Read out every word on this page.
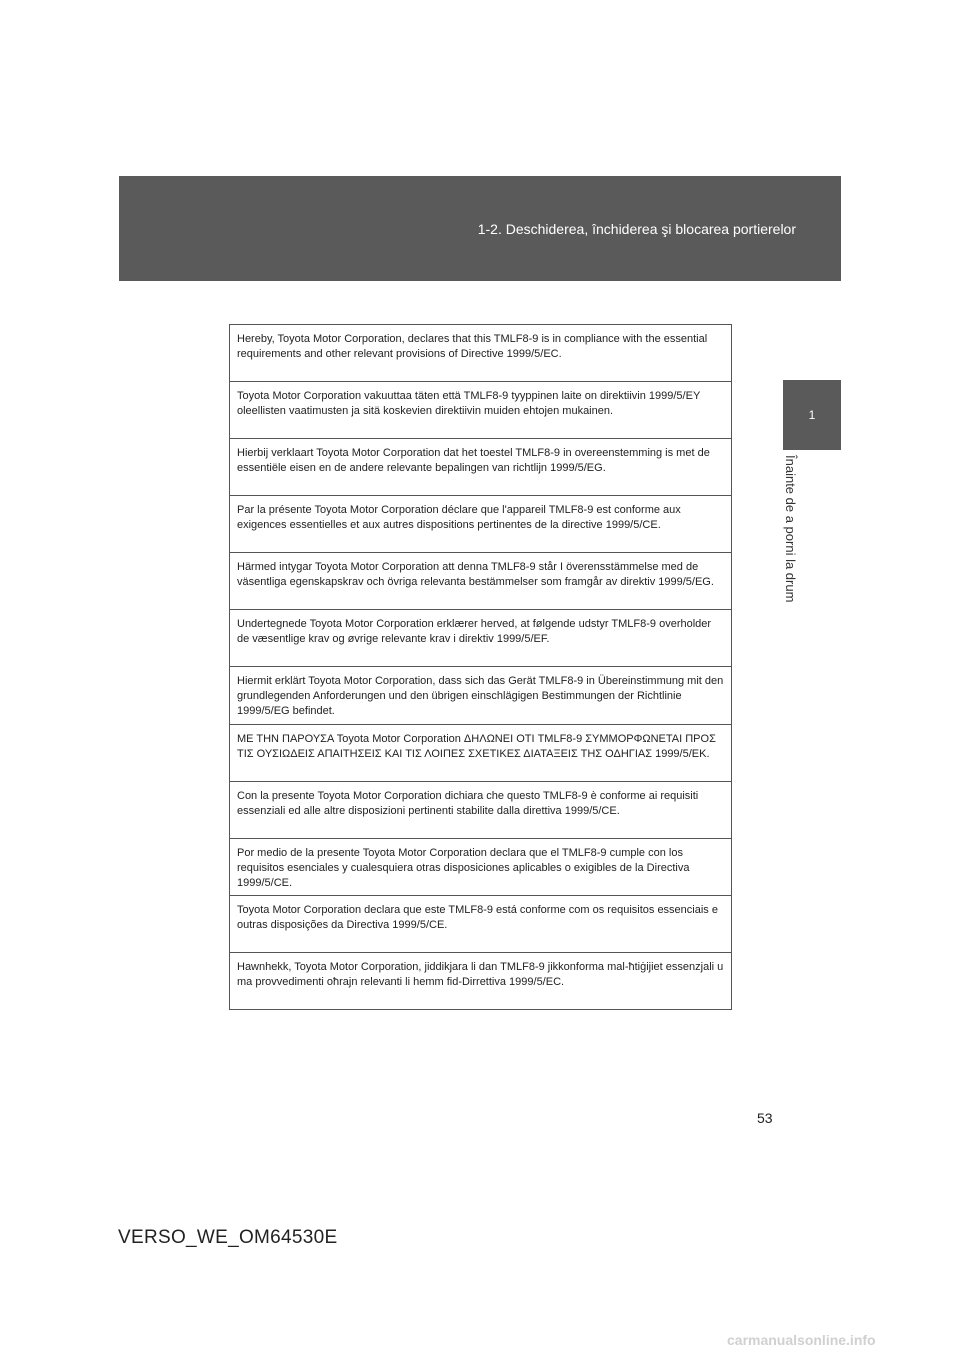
1-2. Deschiderea, închiderea şi blocarea portierelor
1
Înainte de a porni la drum
Hereby, Toyota Motor Corporation, declares that this TMLF8-9 is in compliance with the essential requirements and other relevant provisions of Directive 1999/5/EC.
Toyota Motor Corporation vakuuttaa täten että TMLF8-9 tyyppinen laite on direktiivin 1999/5/EY oleellisten vaatimusten ja sitä koskevien direktiivin muiden ehtojen mukainen.
Hierbij verklaart Toyota Motor Corporation dat het toestel TMLF8-9 in overeenstemming is met de essentiële eisen en de andere relevante bepalingen van richtlijn 1999/5/EG.
Par la présente Toyota Motor Corporation déclare que l'appareil TMLF8-9 est conforme aux exigences essentielles et aux autres dispositions pertinentes de la directive 1999/5/CE.
Härmed intygar Toyota Motor Corporation att denna TMLF8-9 står I överensstämmelse med de väsentliga egenskapskrav och övriga relevanta bestämmelser som framgår av direktiv 1999/5/EG.
Undertegnede Toyota Motor Corporation erklærer herved, at følgende udstyr TMLF8-9 overholder de væsentlige krav og øvrige relevante krav i direktiv 1999/5/EF.
Hiermit erklärt Toyota Motor Corporation, dass sich das Gerät TMLF8-9 in Übereinstimmung mit den grundlegenden Anforderungen und den übrigen einschlägigen Bestimmungen der Richtlinie 1999/5/EG befindet.
ΜΕ ΤΗΝ ΠΑΡΟΥΣΑ Toyota Motor Corporation ΔΗΛΩΝΕΙ ΟΤΙ TMLF8-9 ΣΥΜΜΟΡΦΩΝΕΤΑΙ ΠΡΟΣ ΤΙΣ ΟΥΣΙΩΔΕΙΣ ΑΠΑΙΤΗΣΕΙΣ ΚΑΙ ΤΙΣ ΛΟΙΠΕΣ ΣΧΕΤΙΚΕΣ ΔΙΑΤΑΞΕΙΣ ΤΗΣ ΟΔΗΓΙΑΣ 1999/5/ΕΚ.
Con la presente Toyota Motor Corporation dichiara che questo TMLF8-9 è conforme ai requisiti essenziali ed alle altre disposizioni pertinenti stabilite dalla direttiva 1999/5/CE.
Por medio de la presente Toyota Motor Corporation declara que el TMLF8-9 cumple con los requisitos esenciales y cualesquiera otras disposiciones aplicables o exigibles de la Directiva 1999/5/CE.
Toyota Motor Corporation declara que este TMLF8-9 está conforme com os requisitos essenciais e outras disposições da Directiva 1999/5/CE.
Hawnhekk, Toyota Motor Corporation, jiddikjara li dan TMLF8-9 jikkonforma mal-ħtiġijiet essenzjali u ma provvedimenti oħrajn relevanti li hemm fid-Dirrettiva 1999/5/EC.
53
VERSO_WE_OM64530E
carmanualsonline.info
